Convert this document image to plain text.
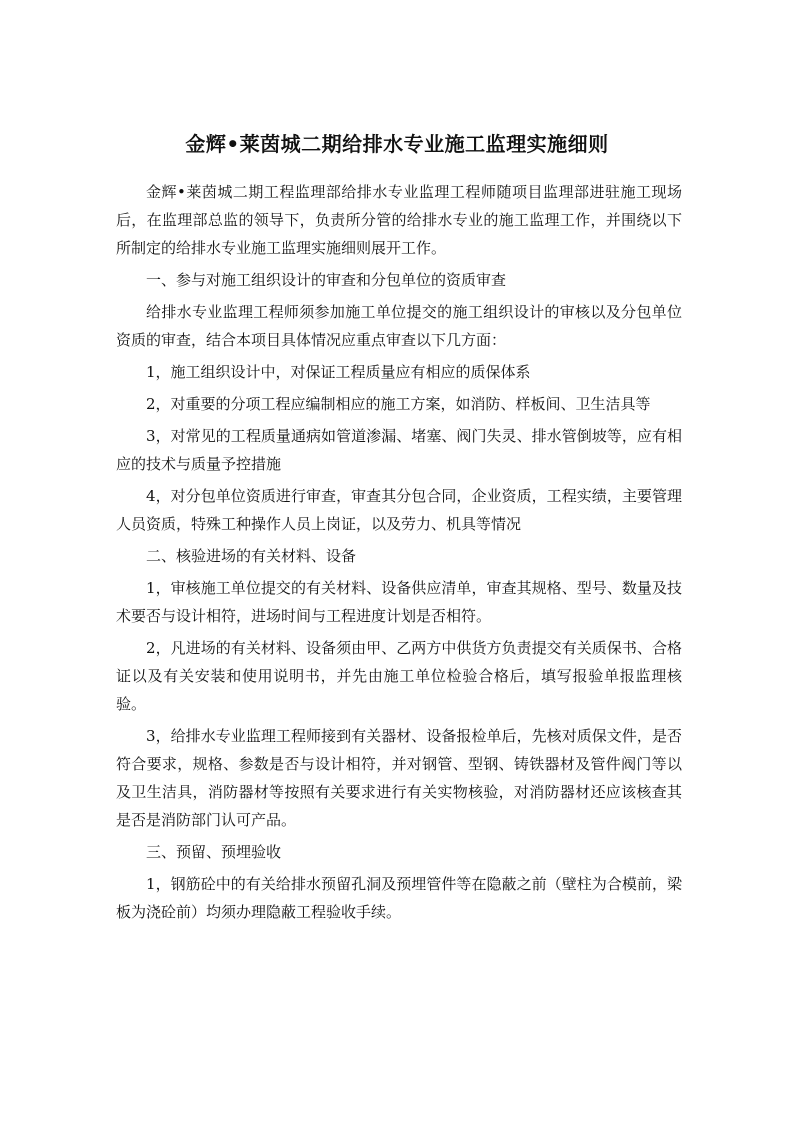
金辉•莱茵城二期给排水专业施工监理实施细则

金辉•莱茵城二期工程监理部给排水专业监理工程师随项目监理部进驻施工现场后，在监理部总监的领导下，负责所分管的给排水专业的施工监理工作，并围绕以下所制定的给排水专业施工监理实施细则展开工作。

一、参与对施工组织设计的审查和分包单位的资质审查

给排水专业监理工程师须参加施工单位提交的施工组织设计的审核以及分包单位资质的审查，结合本项目具体情况应重点审查以下几方面：

1，施工组织设计中，对保证工程质量应有相应的质保体系

2，对重要的分项工程应编制相应的施工方案，如消防、样板间、卫生洁具等

3，对常见的工程质量通病如管道渗漏、堵塞、阀门失灵、排水管倒坡等，应有相应的技术与质量予控措施

4，对分包单位资质进行审查，审查其分包合同，企业资质，工程实绩，主要管理人员资质，特殊工种操作人员上岗证，以及劳力、机具等情况

二、核验进场的有关材料、设备

1，审核施工单位提交的有关材料、设备供应清单，审查其规格、型号、数量及技术要否与设计相符，进场时间与工程进度计划是否相符。

2，凡进场的有关材料、设备须由甲、乙两方中供货方负责提交有关质保书、合格证以及有关安装和使用说明书，并先由施工单位检验合格后，填写报验单报监理核验。

3，给排水专业监理工程师接到有关器材、设备报检单后，先核对质保文件，是否符合要求，规格、参数是否与设计相符，并对钢管、型钢、铸铁器材及管件阀门等以及卫生洁具，消防器材等按照有关要求进行有关实物核验，对消防器材还应该核查其是否是消防部门认可产品。

三、预留、预埋验收

1，钢筋砼中的有关给排水预留孔洞及预埋管件等在隐蔽之前（壁柱为合模前，梁板为浇砼前）均须办理隐蔽工程验收手续。
